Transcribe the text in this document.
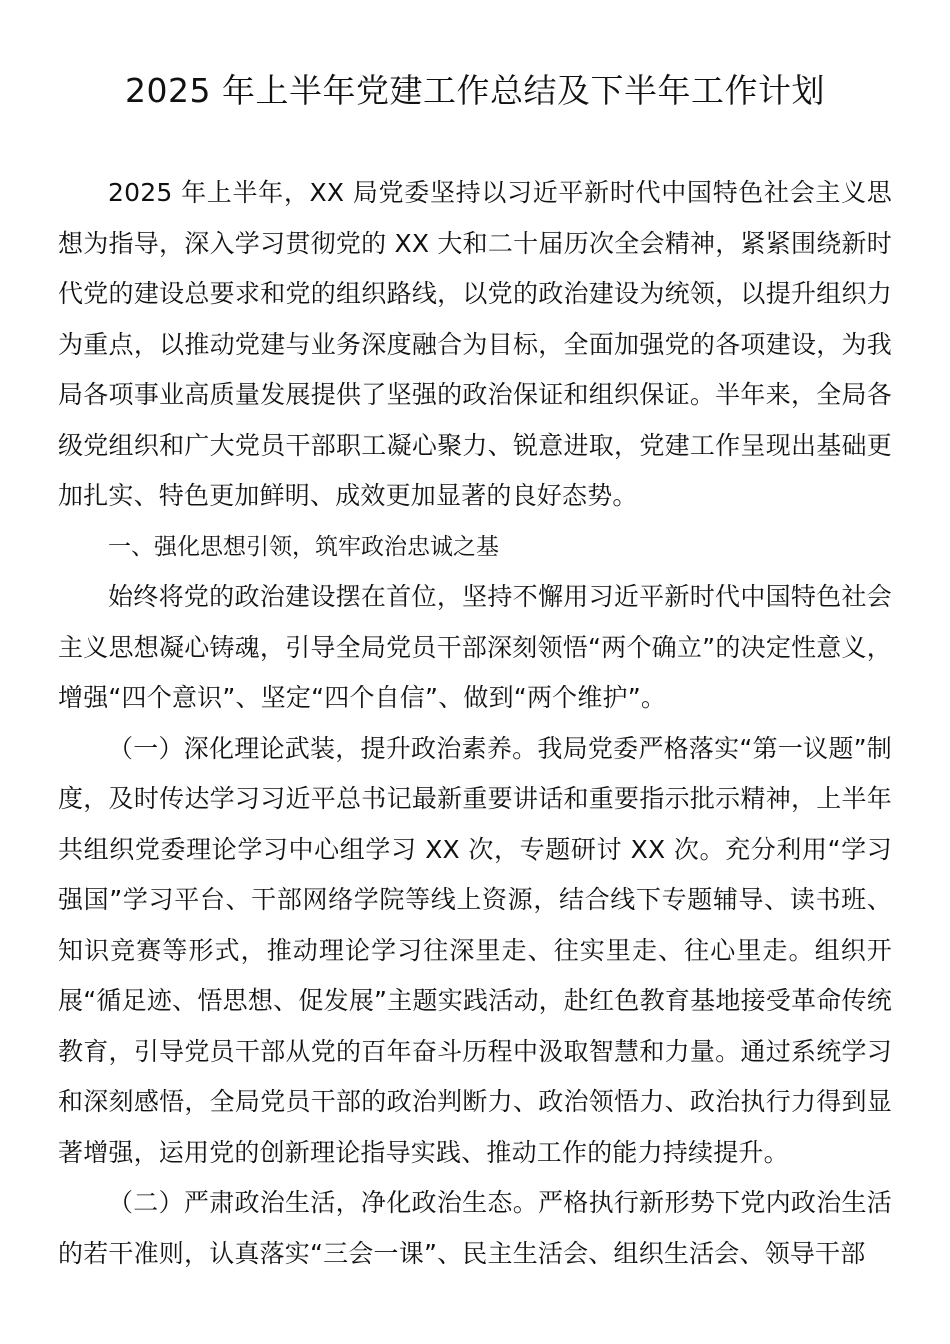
2025 年上半年党建工作总结及下半年工作计划

2025 年上半年，XX 局党委坚持以习近平新时代中国特色社会主义思想为指导，深入学习贯彻党的 XX 大和二十届历次全会精神，紧紧围绕新时代党的建设总要求和党的组织路线，以党的政治建设为统领，以提升组织力为重点，以推动党建与业务深度融合为目标，全面加强党的各项建设，为我局各项事业高质量发展提供了坚强的政治保证和组织保证。半年来，全局各级党组织和广大党员干部职工凝心聚力、锐意进取，党建工作呈现出基础更加扎实、特色更加鲜明、成效更加显著的良好态势。

一、强化思想引领，筑牢政治忠诚之基

始终将党的政治建设摆在首位，坚持不懈用习近平新时代中国特色社会主义思想凝心铸魂，引导全局党员干部深刻领悟“两个确立”的决定性意义，增强“四个意识”、坚定“四个自信”、做到“两个维护”。

（一）深化理论武装，提升政治素养。我局党委严格落实“第一议题”制度，及时传达学习习近平总书记最新重要讲话和重要指示批示精神，上半年共组织党委理论学习中心组学习 XX 次，专题研讨 XX 次。充分利用“学习强国”学习平台、干部网络学院等线上资源，结合线下专题辅导、读书班、知识竞赛等形式，推动理论学习往深里走、往实里走、往心里走。组织开展“循足迹、悟思想、促发展”主题实践活动，赴红色教育基地接受革命传统教育，引导党员干部从党的百年奋斗历程中汲取智慧和力量。通过系统学习和深刻感悟，全局党员干部的政治判断力、政治领悟力、政治执行力得到显著增强，运用党的创新理论指导实践、推动工作的能力持续提升。

（二）严肃政治生活，净化政治生态。严格执行新形势下党内政治生活的若干准则，认真落实“三会一课”、民主生活会、组织生活会、领导干部
